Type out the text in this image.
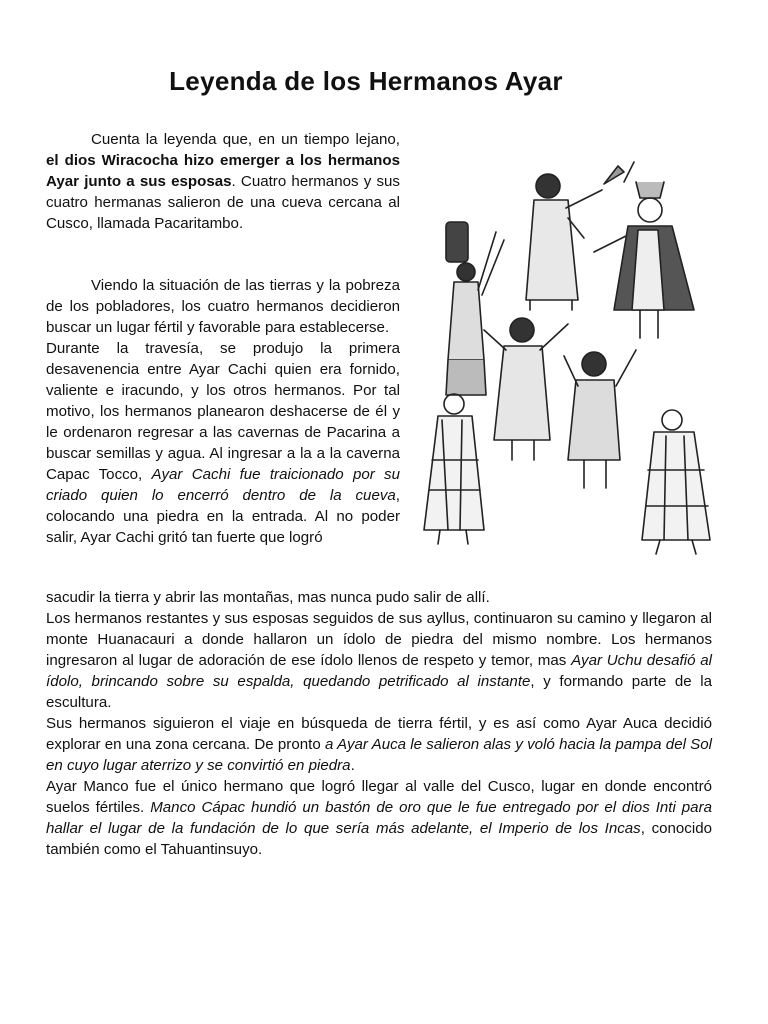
Leyenda de los Hermanos Ayar

Cuenta la leyenda que, en un tiempo lejano, el dios Wiracocha hizo emerger a los hermanos Ayar junto a sus esposas. Cuatro hermanos y sus cuatro hermanas salieron de una cueva cercana al Cusco, llamada Pacaritambo.

Viendo la situación de las tierras y la pobreza de los pobladores, los cuatro hermanos decidieron buscar un lugar fértil y favorable para establecerse.

Durante la travesía, se produjo la primera desavenencia entre Ayar Cachi quien era fornido, valiente e iracundo, y los otros hermanos. Por tal motivo, los hermanos planearon deshacerse de él y le ordenaron regresar a las cavernas de Pacarina a buscar semillas y agua. Al ingresar a la a la caverna Capac Tocco, Ayar Cachi fue traicionado por su criado quien lo encerró dentro de la cueva, colocando una piedra en la entrada. Al no poder salir, Ayar Cachi gritó tan fuerte que logró

sacudir la tierra y abrir las montañas, mas nunca pudo salir de allí.

Los hermanos restantes y sus esposas seguidos de sus ayllus, continuaron su camino y llegaron al monte Huanacauri a donde hallaron un ídolo de piedra del mismo nombre. Los hermanos ingresaron al lugar de adoración de ese ídolo llenos de respeto y temor, mas Ayar Uchu desafió al ídolo, brincando sobre su espalda, quedando petrificado al instante, y formando parte de la escultura.

Sus hermanos siguieron el viaje en búsqueda de tierra fértil, y es así como Ayar Auca decidió explorar en una zona cercana. De pronto a Ayar Auca le salieron alas y voló hacia la pampa del Sol en cuyo lugar aterrizo y se convirtió en piedra.

Ayar Manco fue el único hermano que logró llegar al valle del Cusco, lugar en donde encontró suelos fértiles. Manco Cápac hundió un bastón de oro que le fue entregado por el dios Inti para hallar el lugar de la fundación de lo que sería más adelante, el Imperio de los Incas, conocido también como el Tahuantinsuyo.
